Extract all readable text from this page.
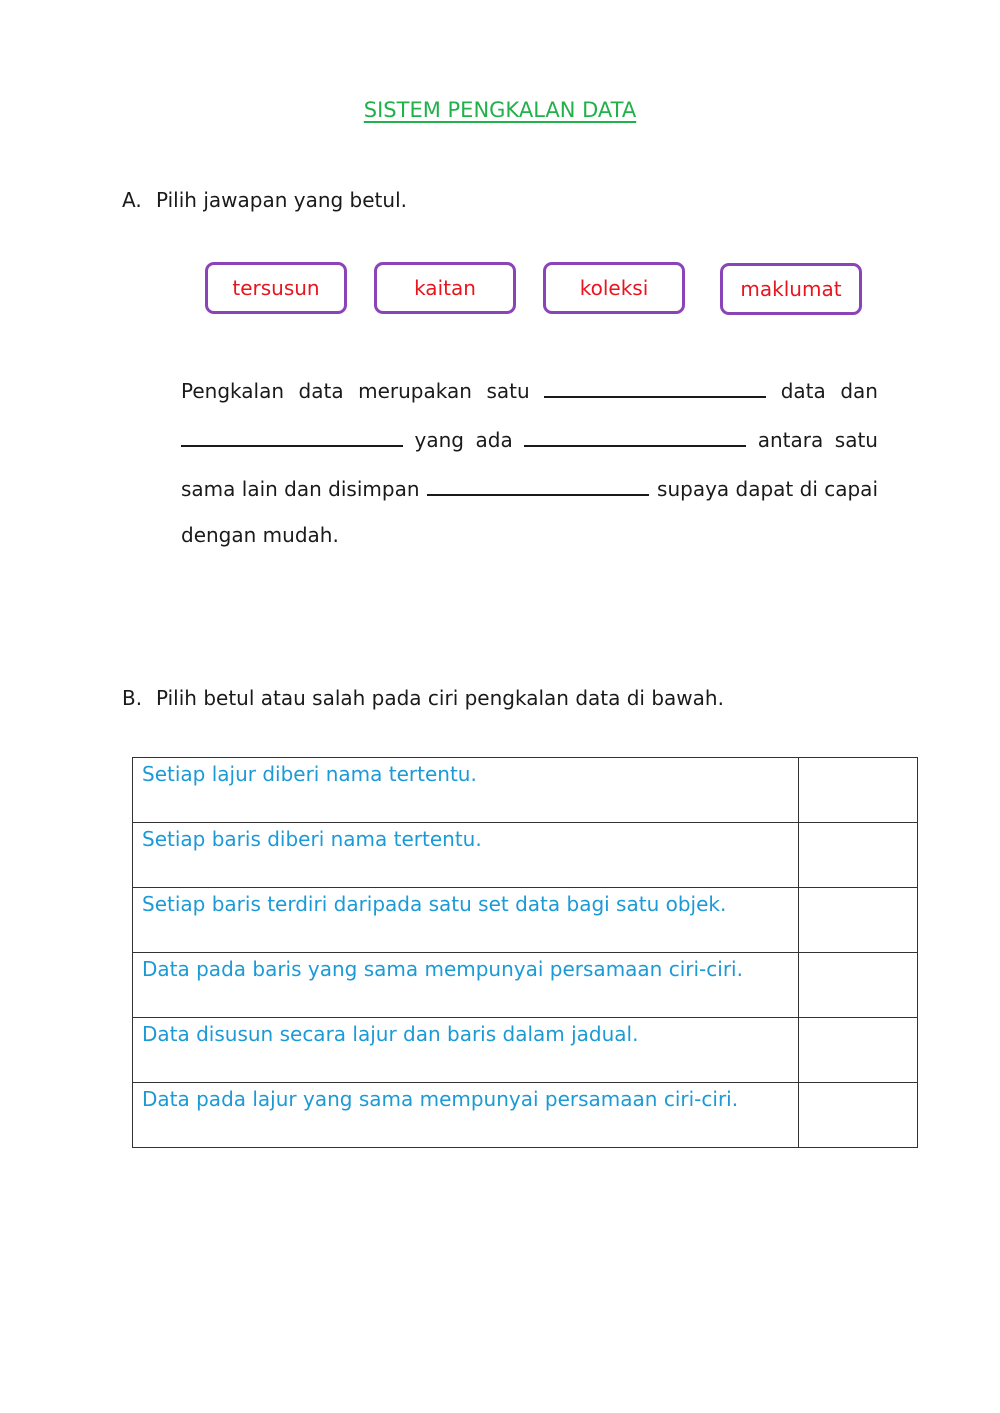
SISTEM PENGKALAN DATA
A. Pilih jawapan yang betul.
tersusun	kaitan	koleksi	maklumat
Pengkalan data merupakan satu	data dan
yang ada	antara satu
sama lain dan disimpan	supaya dapat di capai
dengan mudah.
B. Pilih betul atau salah pada ciri pengkalan data di bawah.
Setiap lajur diberi nama tertentu.	
Setiap baris diberi nama tertentu.	
Setiap baris terdiri daripada satu set data bagi satu objek.	
Data pada baris yang sama mempunyai persamaan ciri-ciri.	
Data disusun secara lajur dan baris dalam jadual.	
Data pada lajur yang sama mempunyai persamaan ciri-ciri.	
